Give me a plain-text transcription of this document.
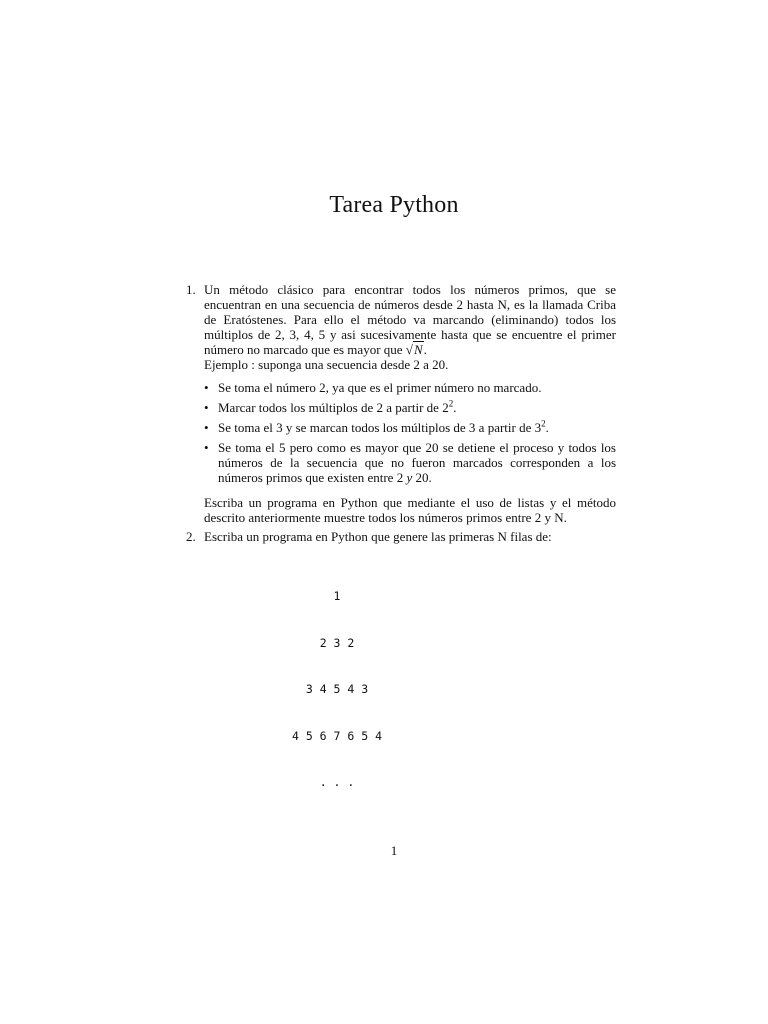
Tarea Python
1. Un método clásico para encontrar todos los números primos, que se encuentran en una secuencia de números desde 2 hasta N, es la llamada Criba de Eratóstenes. Para ello el método va marcando (eliminando) todos los múltiplos de 2, 3, 4, 5 y asi sucesivamente hasta que se encuentre el primer número no marcado que es mayor que √N.
Ejemplo : suponga una secuencia desde 2 a 20.
• Se toma el número 2, ya que es el primer número no marcado.
• Marcar todos los múltiplos de 2 a partir de $2^2$.
• Se toma el 3 y se marcan todos los múltiplos de 3 a partir de $3^2$.
• Se toma el 5 pero como es mayor que 20 se detiene el proceso y todos los números de la secuencia que no fueron marcados corresponden a los números primos que existen entre 2 y 20.
Escriba un programa en Python que mediante el uso de listas y el método descrito anteriormente muestre todos los números primos entre 2 y N.
2. Escriba un programa en Python que genere las primeras N filas de:

1

2 3 2

3 4 5 4 3

4 5 6 7 6 5 4

. . .

1
